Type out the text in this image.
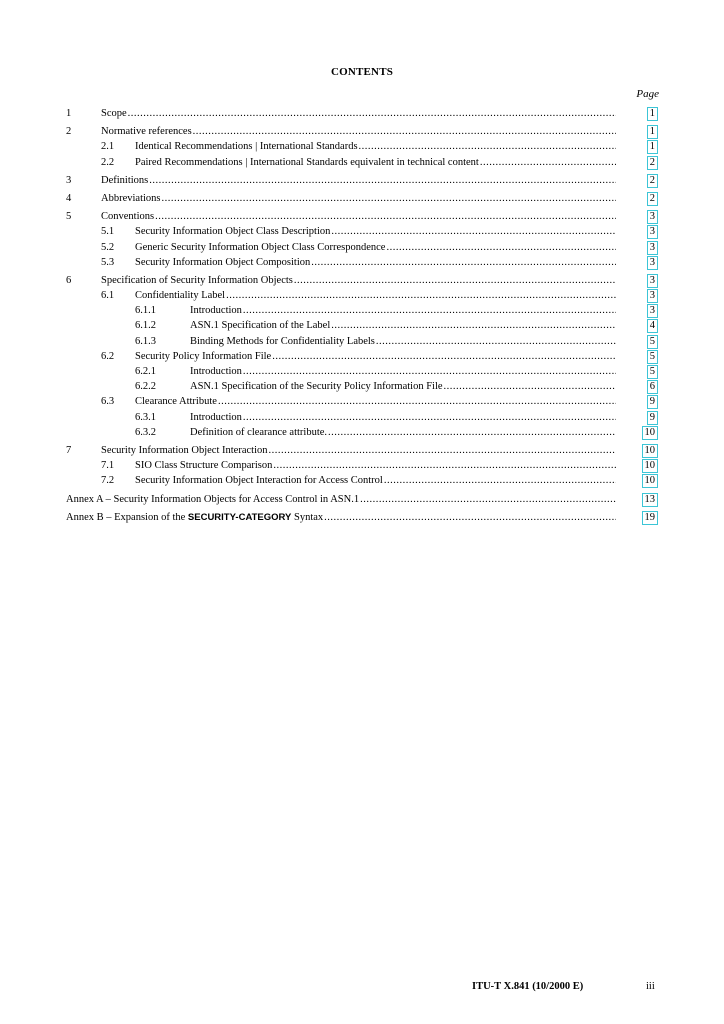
CONTENTS
Page
1	Scope .....	1
2	Normative references .....	1
2.1 Identical Recommendations | International Standards .....	1
2.2 Paired Recommendations | International Standards equivalent in technical content .....	2
3	Definitions .....	2
4	Abbreviations .....	2
5	Conventions .....	3
5.1 Security Information Object Class Description .....	3
5.2 Generic Security Information Object Class Correspondence .....	3
5.3 Security Information Object Composition .....	3
6	Specification of Security Information Objects .....	3
6.1 Confidentiality Label .....	3
6.1.1	Introduction .....	3
6.1.2	ASN.1 Specification of the Label .....	4
6.1.3	Binding Methods for Confidentiality Labels .....	5
6.2 Security Policy Information File .....	5
6.2.1	Introduction .....	5
6.2.2	ASN.1 Specification of the Security Policy Information File .....	6
6.3 Clearance Attribute .....	9
6.3.1	Introduction .....	9
6.3.2	Definition of clearance attribute. .....	10
7	Security Information Object Interaction .....	10
7.1 SIO Class Structure Comparison .....	10
7.2 Security Information Object Interaction for Access Control .....	10
Annex A – Security Information Objects for Access Control in ASN.1 .....	13
Annex B – Expansion of the SECURITY-CATEGORY Syntax .....	19
ITU-T X.841 (10/2000 E)	iii
